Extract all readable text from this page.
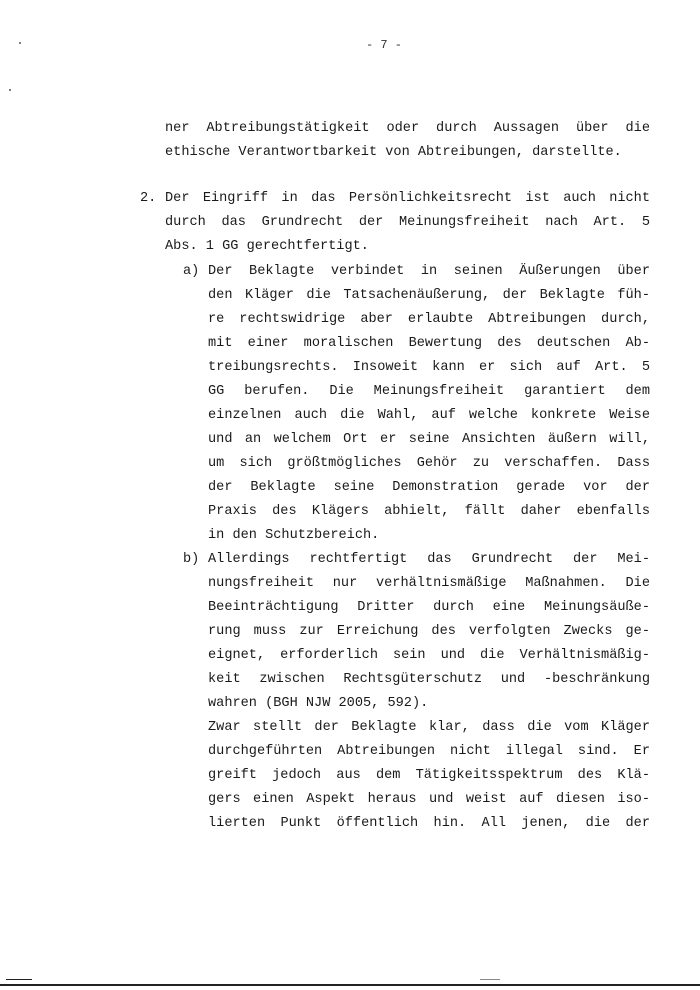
- 7 -
ner Abtreibungstätigkeit oder durch Aussagen über die
ethische Verantwortbarkeit von Abtreibungen, darstellte.
2. Der Eingriff in das Persönlichkeitsrecht ist auch nicht
durch das Grundrecht der Meinungsfreiheit nach Art. 5
Abs. 1 GG gerechtfertigt.
a) Der Beklagte verbindet in seinen Äußerungen über
den Kläger die Tatsachenäußerung, der Beklagte füh-
re rechtswidrige aber erlaubte Abtreibungen durch,
mit einer moralischen Bewertung des deutschen Ab-
treibungsrechts. Insoweit kann er sich auf Art. 5
GG berufen. Die Meinungsfreiheit garantiert dem
einzelnen auch die Wahl, auf welche konkrete Weise
und an welchem Ort er seine Ansichten äußern will,
um sich größtmögliches Gehör zu verschaffen. Dass
der Beklagte seine Demonstration gerade vor der
Praxis des Klägers abhielt, fällt daher ebenfalls
in den Schutzbereich.
b) Allerdings rechtfertigt das Grundrecht der Mei-
nungsfreiheit nur verhältnismäßige Maßnahmen. Die
Beeinträchtigung Dritter durch eine Meinungsäuße-
rung muss zur Erreichung des verfolgten Zwecks ge-
eignet, erforderlich sein und die Verhältnismäßig-
keit zwischen Rechtsgüterschutz und -beschränkung
wahren (BGH NJW 2005, 592).
Zwar stellt der Beklagte klar, dass die vom Kläger
durchgeführten Abtreibungen nicht illegal sind. Er
greift jedoch aus dem Tätigkeitsspektrum des Klä-
gers einen Aspekt heraus und weist auf diesen iso-
lierten Punkt öffentlich hin. All jenen, die der
